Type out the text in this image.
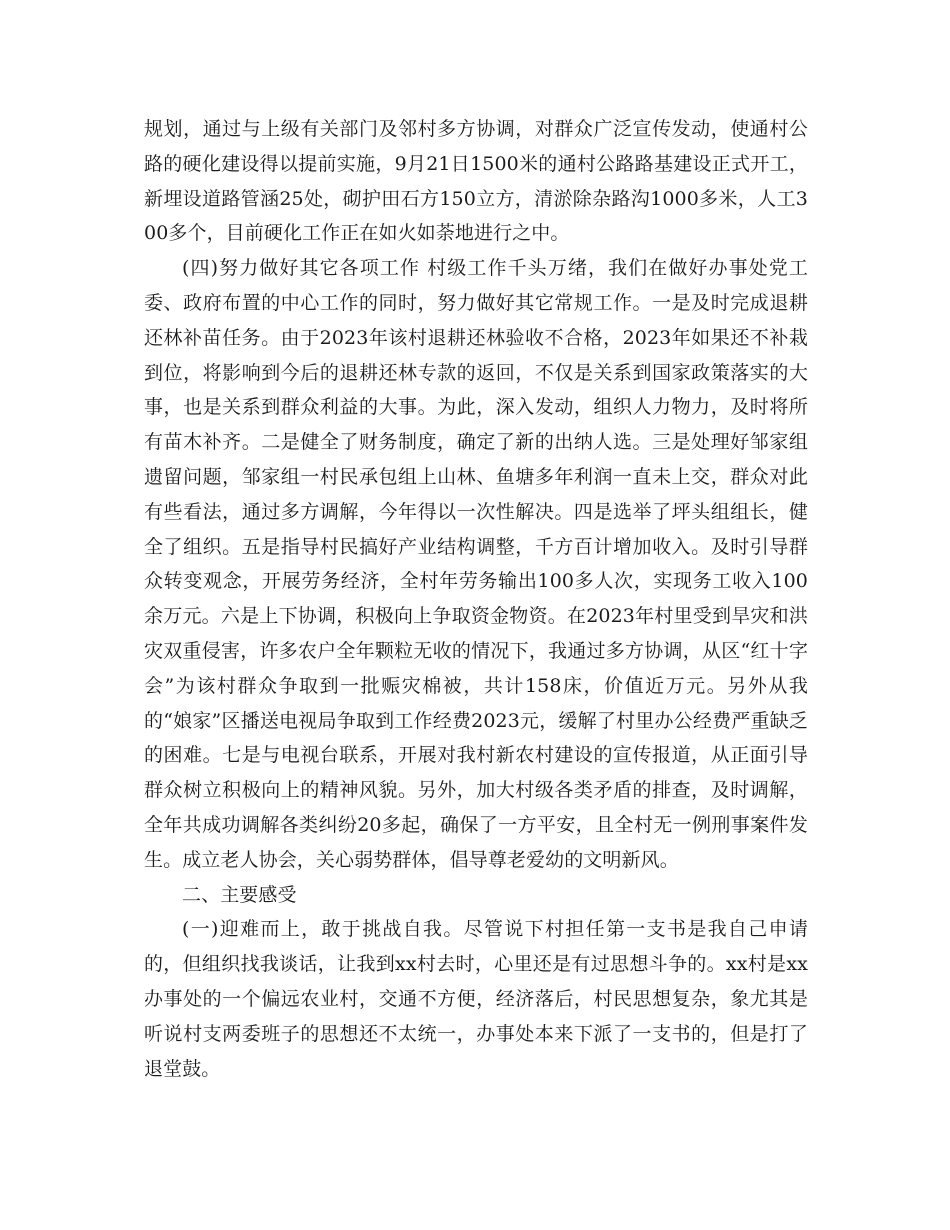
规划，通过与上级有关部门及邻村多方协调，对群众广泛宣传发动，使通村公路的硬化建设得以提前实施，9月21日1500米的通村公路路基建设正式开工，新埋设道路管涵25处，砌护田石方150立方，清淤除杂路沟1000多米，人工300多个，目前硬化工作正在如火如荼地进行之中。

(四)努力做好其它各项工作 村级工作千头万绪，我们在做好办事处党工委、政府布置的中心工作的同时，努力做好其它常规工作。一是及时完成退耕还林补苗任务。由于2023年该村退耕还林验收不合格，2023年如果还不补栽到位，将影响到今后的退耕还林专款的返回，不仅是关系到国家政策落实的大事，也是关系到群众利益的大事。为此，深入发动，组织人力物力，及时将所有苗木补齐。二是健全了财务制度，确定了新的出纳人选。三是处理好邹家组遗留问题，邹家组一村民承包组上山林、鱼塘多年利润一直未上交，群众对此有些看法，通过多方调解，今年得以一次性解决。四是选举了坪头组组长，健全了组织。五是指导村民搞好产业结构调整，千方百计增加收入。及时引导群众转变观念，开展劳务经济，全村年劳务输出100多人次，实现务工收入100余万元。六是上下协调，积极向上争取资金物资。在2023年村里受到旱灾和洪灾双重侵害，许多农户全年颗粒无收的情况下，我通过多方协调，从区“红十字会”为该村群众争取到一批赈灾棉被，共计158床，价值近万元。另外从我的“娘家”区播送电视局争取到工作经费2023元，缓解了村里办公经费严重缺乏的困难。七是与电视台联系，开展对我村新农村建设的宣传报道，从正面引导群众树立积极向上的精神风貌。另外，加大村级各类矛盾的排查，及时调解，全年共成功调解各类纠纷20多起，确保了一方平安，且全村无一例刑事案件发生。成立老人协会，关心弱势群体，倡导尊老爱幼的文明新风。

二、主要感受

(一)迎难而上，敢于挑战自我。尽管说下村担任第一支书是我自己申请的，但组织找我谈话，让我到xx村去时，心里还是有过思想斗争的。xx村是xx办事处的一个偏远农业村，交通不方便，经济落后，村民思想复杂，象尤其是听说村支两委班子的思想还不太统一，办事处本来下派了一支书的，但是打了退堂鼓。
